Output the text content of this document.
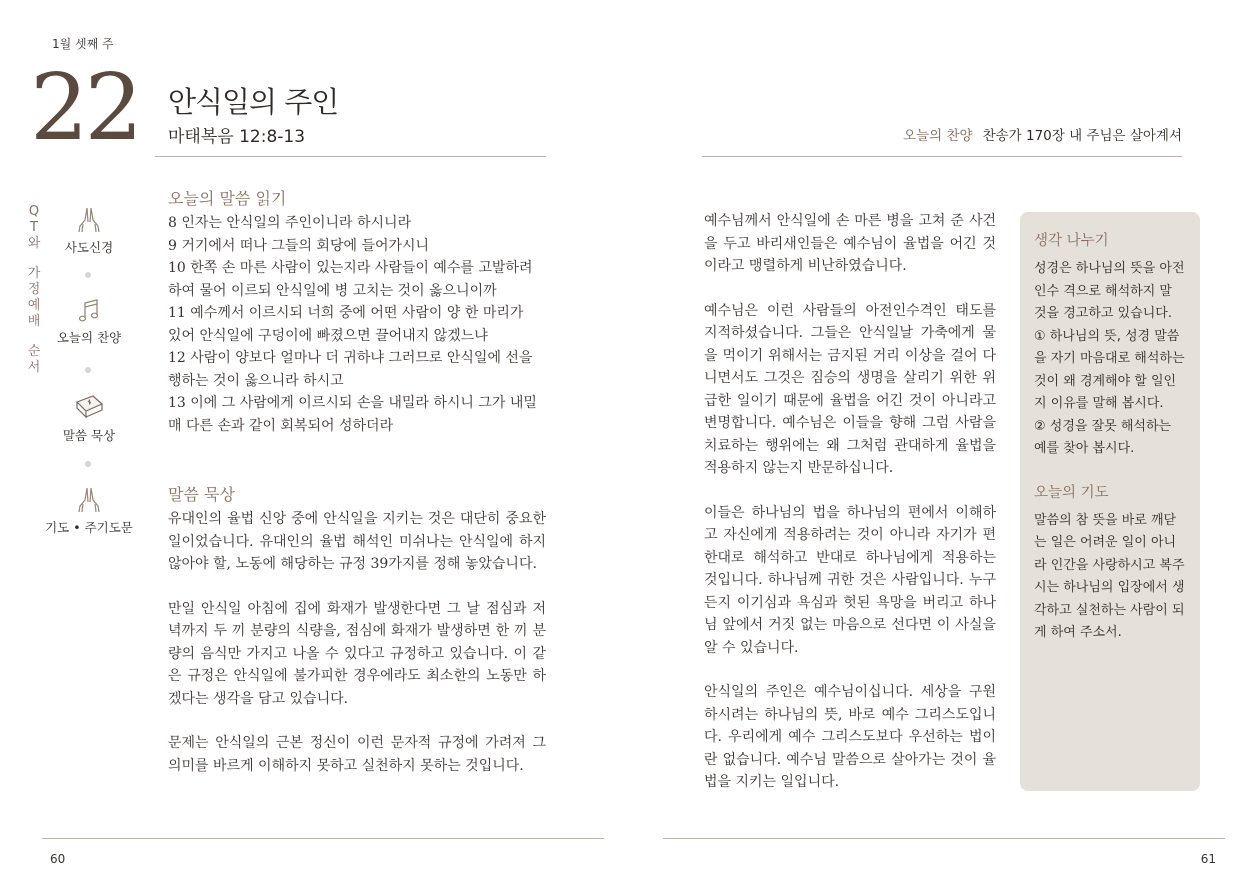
1월 셋째 주
22 안식일의 주인
마태복음 12:8-13	오늘의 찬양 찬송가 170장 내 주님은 살아계셔
Q
T
와
가
정
예
배
순
서
사도신경
오늘의 찬양
말씀 묵상
기도 • 주기도문
오늘의 말씀 읽기
8 인자는 안식일의 주인이니라 하시니라
9 거기에서 떠나 그들의 회당에 들어가시니
10 한쪽 손 마른 사람이 있는지라 사람들이 예수를 고발하려
하여 물어 이르되 안식일에 병 고치는 것이 옳으니이까
11 예수께서 이르시되 너희 중에 어떤 사람이 양 한 마리가
있어 안식일에 구덩이에 빠졌으면 끌어내지 않겠느냐
12 사람이 양보다 얼마나 더 귀하냐 그러므로 안식일에 선을
행하는 것이 옳으니라 하시고
13 이에 그 사람에게 이르시되 손을 내밀라 하시니 그가 내밀
매 다른 손과 같이 회복되어 성하더라
말씀 묵상

유대인의 율법 신앙 중에 안식일을 지키는 것은 대단히 중요한 일이었습니다. 유대인의 율법 해석인 미쉬나는 안식일에 하지 않아야 할, 노동에 해당하는 규정 39가지를 정해 놓았습니다.

만일 안식일 아침에 집에 화재가 발생한다면 그 날 점심과 저녁까지 두 끼 분량의 식량을, 점심에 화재가 발생하면 한 끼 분량의 음식만 가지고 나올 수 있다고 규정하고 있습니다. 이 같은 규정은 안식일에 불가피한 경우에라도 최소한의 노동만 하겠다는 생각을 담고 있습니다.

문제는 안식일의 근본 정신이 이런 문자적 규정에 가려져 그 의미를 바르게 이해하지 못하고 실천하지 못하는 것입니다.

예수님께서 안식일에 손 마른 병을 고쳐 준 사건을 두고 바리새인들은 예수님이 율법을 어긴 것이라고 맹렬하게 비난하였습니다.

예수님은 이런 사람들의 아전인수격인 태도를 지적하셨습니다. 그들은 안식일날 가축에게 물을 먹이기 위해서는 금지된 거리 이상을 걸어 다니면서도 그것은 짐승의 생명을 살리기 위한 위급한 일이기 때문에 율법을 어긴 것이 아니라고 변명합니다. 예수님은 이들을 향해 그럼 사람을 치료하는 행위에는 왜 그처럼 관대하게 율법을 적용하지 않는지 반문하십니다.

이들은 하나님의 법을 하나님의 편에서 이해하고 자신에게 적용하려는 것이 아니라 자기가 편한대로 해석하고 반대로 하나님에게 적용하는 것입니다. 하나님께 귀한 것은 사람입니다. 누구든지 이기심과 욕심과 헛된 욕망을 버리고 하나님 앞에서 거짓 없는 마음으로 선다면 이 사실을 알 수 있습니다.

안식일의 주인은 예수님이십니다. 세상을 구원하시려는 하나님의 뜻, 바로 예수 그리스도입니다. 우리에게 예수 그리스도보다 우선하는 법이란 없습니다. 예수님 말씀으로 살아가는 것이 율법을 지키는 일입니다.

생각 나누기
성경은 하나님의 뜻을 아전인수 격으로 해석하지 말 것을 경고하고 있습니다.
① 하나님의 뜻, 성경 말씀을 자기 마음대로 해석하는 것이 왜 경계해야 할 일인지 이유를 말해 봅시다.
② 성경을 잘못 해석하는 예를 찾아 봅시다.
오늘의 기도
말씀의 참 뜻을 바로 깨닫는 일은 어려운 일이 아니라 인간을 사랑하시고 복주시는 하나님의 입장에서 생각하고 실천하는 사람이 되게 하여 주소서.
60	61
